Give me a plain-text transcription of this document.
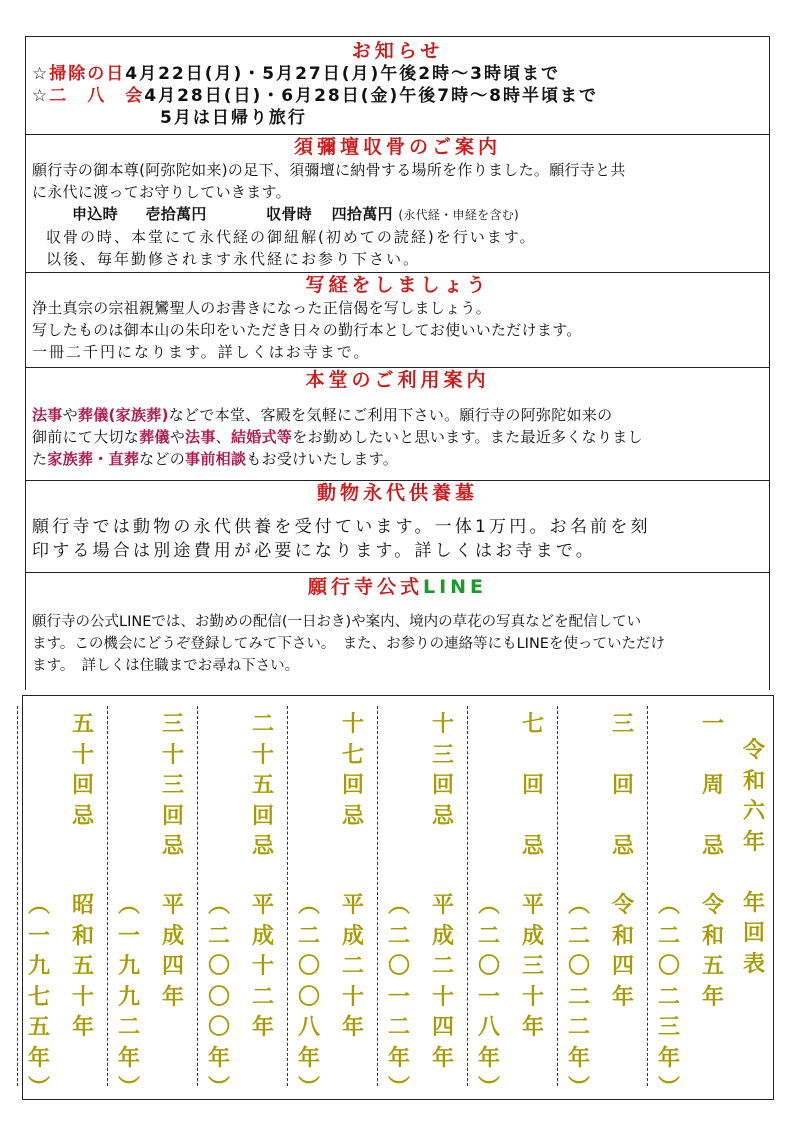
お知らせ
☆掃除の日4月22日(月)・5月27日(月)午後2時～3時頃まで
☆二　八　会4月28日(日)・6月28日(金)午後7時～8時半頃まで
5月は日帰り旅行
須彌壇収骨のご案内
願行寺の御本尊(阿弥陀如来)の足下、須彌壇に納骨する場所を作りました。願行寺と共
に永代に渡ってお守りしていきます。
申込時 壱拾萬円	収骨時 四拾萬円 (永代経・申経を含む)
収骨の時、本堂にて永代経の御紐解(初めての読経)を行います。
以後、毎年勤修されます永代経にお参り下さい。
写経をしましょう
浄土真宗の宗祖親鸞聖人のお書きになった正信偈を写しましょう。
写したものは御本山の朱印をいただき日々の勤行本としてお使いいただけます。
一冊二千円になります。詳しくはお寺まで。
本堂のご利用案内
法事や葬儀(家族葬)などで本堂、客殿を気軽にご利用下さい。願行寺の阿弥陀如来の
御前にて大切な葬儀や法事、結婚式等をお勤めしたいと思います。また最近多くなりまし
た家族葬・直葬などの事前相談もお受けいたします。
動物永代供養墓
願行寺では動物の永代供養を受付ています。一体1万円。お名前を刻
印する場合は別途費用が必要になります。詳しくはお寺まで。
願行寺公式LINE
願行寺の公式LINEでは、お勤めの配信(一日おき)や案内、境内の草花の写真などを配信してい
ます。この機会にどうぞ登録してみて下さい。　また、お参りの連絡等にもLINEを使っていただけ
ます。　詳しくは住職までお尋ね下さい。
令
和
六
年

年
回
表
一

周

忌
令
和
五
年
︵
二
〇
二
三
年
︶
三

回

忌
令
和
四
年
︵
二
〇
二
二
年
︶
七

回

忌
平
成
三
十
年
︵
二
〇
一
八
年
︶
十
三
回
忌
平
成
二
十
四
年
︵
二
〇
一
二
年
︶
十
七
回
忌
平
成
二
十
年
︵
二
〇
〇
八
年
︶
二
十
五
回
忌
平
成
十
二
年
︵
二
〇
〇
〇
年
︶
三
十
三
回
忌
平
成
四
年
︵
一
九
九
二
年
︶
五
十
回
忌
昭
和
五
十
年
︵
一
九
七
五
年
︶
